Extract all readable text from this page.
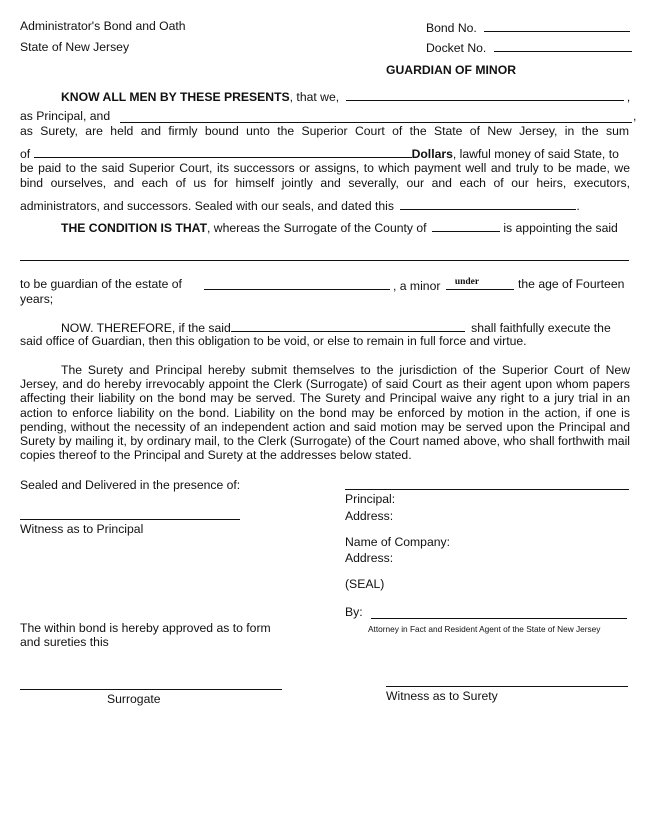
Administrator's Bond and Oath
State of New Jersey
Bond No.
Docket No.
GUARDIAN OF MINOR
KNOW ALL MEN BY THESE PRESENTS, that we,	,
as Principal, and	,
as Surety, are held and firmly bound unto the Superior Court of the State of New Jersey, in the sum
of	Dollars, lawful money of said State, to
be paid to the said Superior Court, its successors or assigns, to which payment well and truly to be made, we
bind ourselves, and each of us for himself jointly and severally, our and each of our heirs, executors,
administrators, and successors. Sealed with our seals, and dated this	.
THE CONDITION IS THAT, whereas the Surrogate of the County of	is appointing the said
to be guardian of the estate of	, a minor under	the age of Fourteen
years;
NOW. THEREFORE, if the said	shall faithfully execute the
said office of Guardian, then this obligation to be void, or else to remain in full force and virtue.
The Surety and Principal hereby submit themselves to the jurisdiction of the Superior Court of New Jersey, and do hereby irrevocably appoint the Clerk (Surrogate) of said Court as their agent upon whom papers affecting their liability on the bond may be served. The Surety and Principal waive any right to a jury trial in an action to enforce liability on the bond. Liability on the bond may be enforced by motion in the action, if one is pending, without the necessity of an independent action and said motion may be served upon the Principal and Surety by mailing it, by ordinary mail, to the Clerk (Surrogate) of the Court named above, who shall forthwith mail copies thereof to the Principal and Surety at the addresses below stated.
Sealed and Delivered in the presence of:
Principal:
Address:
Witness as to Principal
Name of Company:
Address:
(SEAL)
By:
Attorney in Fact and Resident Agent of the State of New Jersey
The within bond is hereby approved as to form
and sureties this
Surrogate	Witness as to Surety
